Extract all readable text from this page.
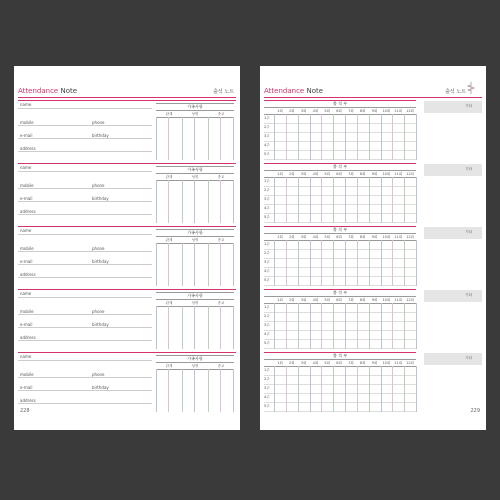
Attendance Note	출석 노트
name
mobile	phone
e-mail	birthday
address
가족사항
관계	성명	종교
name
mobile	phone
e-mail	birthday
address
가족사항
관계	성명	종교
name
mobile	phone
e-mail	birthday
address
가족사항
관계	성명	종교
name
mobile	phone
e-mail	birthday
address
가족사항
관계	성명	종교
name
mobile	phone
e-mail	birthday
address
가족사항
관계	성명	종교
228
Attendance Note	출석 노트
출 석 부
1회	2회	3회	4회	5회	6회	7회	8회	9회	10회	11회	12회
1주
2주
3주
4주
5주
기타
출 석 부
1회	2회	3회	4회	5회	6회	7회	8회	9회	10회	11회	12회
1주
2주
3주
4주
5주
기타
출 석 부
1회	2회	3회	4회	5회	6회	7회	8회	9회	10회	11회	12회
1주
2주
3주
4주
5주
기타
출 석 부
1회	2회	3회	4회	5회	6회	7회	8회	9회	10회	11회	12회
1주
2주
3주
4주
5주
기타
출 석 부
1회	2회	3회	4회	5회	6회	7회	8회	9회	10회	11회	12회
1주
2주
3주
4주
5주
기타
229
